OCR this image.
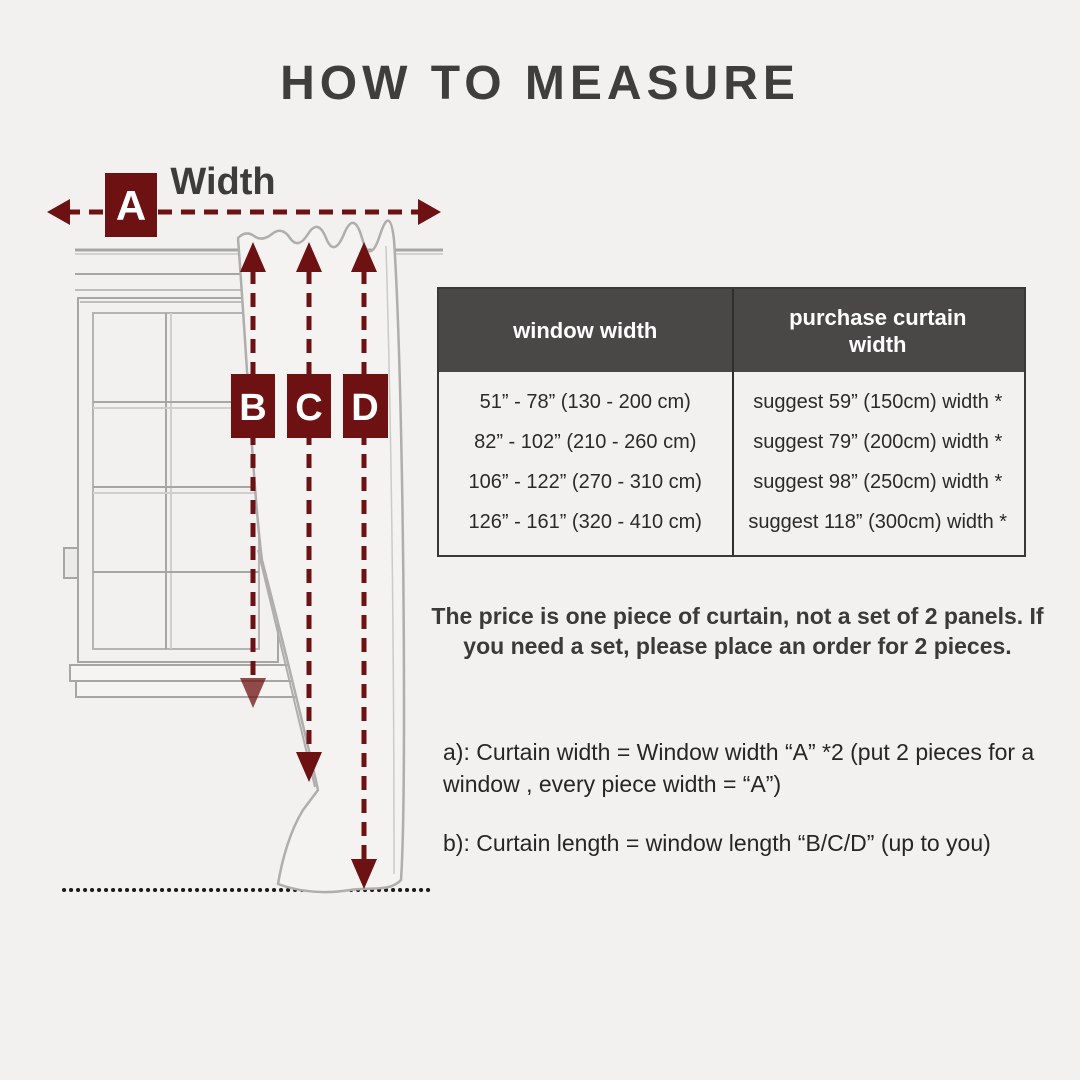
HOW TO MEASURE
Width
A
B C D
window width
purchase curtain width
51” - 78” (130 - 200 cm)
82” - 102” (210 - 260 cm)
106” - 122” (270 - 310 cm)
126” - 161” (320 - 410 cm)
suggest 59” (150cm) width *
suggest 79” (200cm) width *
suggest 98” (250cm) width *
suggest 118” (300cm) width *

The price is one piece of curtain, not a set of 2 panels. If you need a set, please place an order for 2 pieces.

a): Curtain width = Window width “A” *2 (put 2 pieces for a window , every piece width = “A”)

b): Curtain length = window length “B/C/D” (up to you)
